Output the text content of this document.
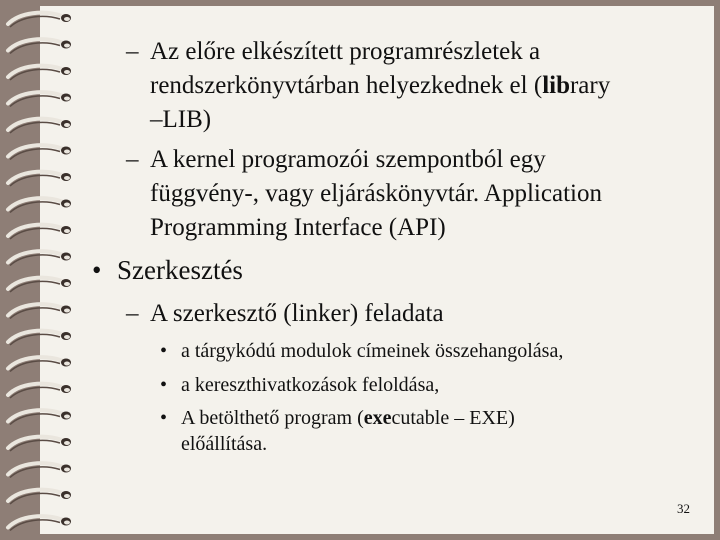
– Az előre elkészített programrészletek a
rendszerkönyvtárban helyezkednek el (library
–LIB)
– A kernel programozói szempontból egy
függvény-, vagy eljáráskönyvtár. Application
Programming Interface (API)
• Szerkesztés
– A szerkesztő (linker) feladata
• a tárgykódú modulok címeinek összehangolása,
• a kereszthivatkozások feloldása,
• A betölthető program (executable – EXE)
előállítása.
32
